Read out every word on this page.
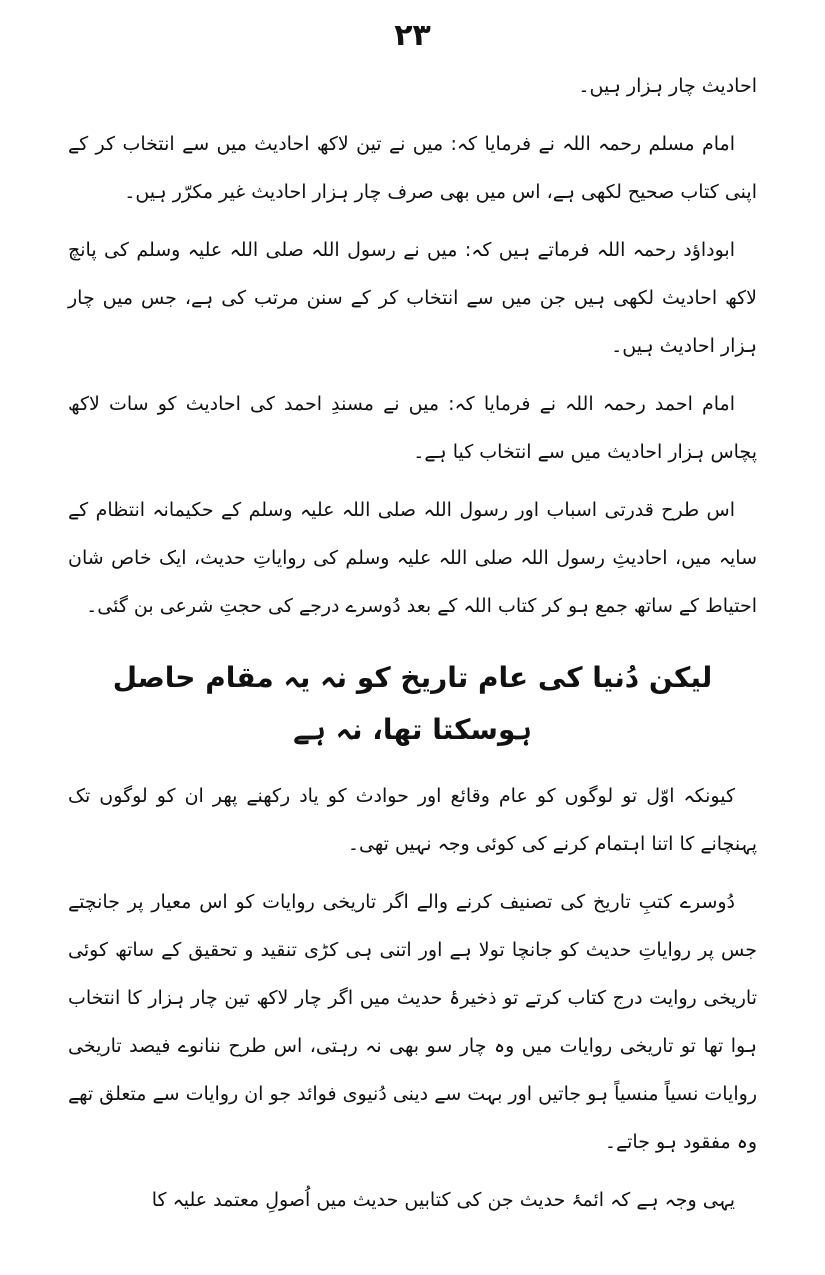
۲۳

احادیث چار ہزار ہیں۔

امام مسلم رحمہ اللہ نے فرمایا کہ: میں نے تین لاکھ احادیث میں سے انتخاب کر کے اپنی کتاب صحیح لکھی ہے، اس میں بھی صرف چار ہزار احادیث غیر مکرّر ہیں۔

ابوداؤد رحمہ اللہ فرماتے ہیں کہ: میں نے رسول اللہ صلی اللہ علیہ وسلم کی پانچ لاکھ احادیث لکھی ہیں جن میں سے انتخاب کر کے سنن مرتب کی ہے، جس میں چار ہزار احادیث ہیں۔

امام احمد رحمہ اللہ نے فرمایا کہ: میں نے مسندِ احمد کی احادیث کو سات لاکھ پچاس ہزار احادیث میں سے انتخاب کیا ہے۔

اس طرح قدرتی اسباب اور رسول اللہ صلی اللہ علیہ وسلم کے حکیمانہ انتظام کے سایہ میں، احادیثِ رسول اللہ صلی اللہ علیہ وسلم کی روایاتِ حدیث، ایک خاص شان احتیاط کے ساتھ جمع ہو کر کتاب اللہ کے بعد دُوسرے درجے کی حجتِ شرعی بن گئی۔

لیکن دُنیا کی عام تاریخ کو نہ یہ مقام حاصل ہوسکتا تھا، نہ ہے

کیونکہ اوّل تو لوگوں کو عام وقائع اور حوادث کو یاد رکھنے پھر ان کو لوگوں تک پہنچانے کا اتنا اہتمام کرنے کی کوئی وجہ نہیں تھی۔

دُوسرے کتبِ تاریخ کی تصنیف کرنے والے اگر تاریخی روایات کو اس معیار پر جانچتے جس پر روایاتِ حدیث کو جانچا تولا ہے اور اتنی ہی کڑی تنقید و تحقیق کے ساتھ کوئی تاریخی روایت درج کتاب کرتے تو ذخیرۂ حدیث میں اگر چار لاکھ تین چار ہزار کا انتخاب ہوا تھا تو تاریخی روایات میں وہ چار سو بھی نہ رہتی، اس طرح ننانوے فیصد تاریخی روایات نسیاً منسیاً ہو جاتیں اور بہت سے دینی دُنیوی فوائد جو ان روایات سے متعلق تھے وہ مفقود ہو جاتے۔

یہی وجہ ہے کہ ائمۂ حدیث جن کی کتابیں حدیث میں اُصولِ معتمد علیہ کا
